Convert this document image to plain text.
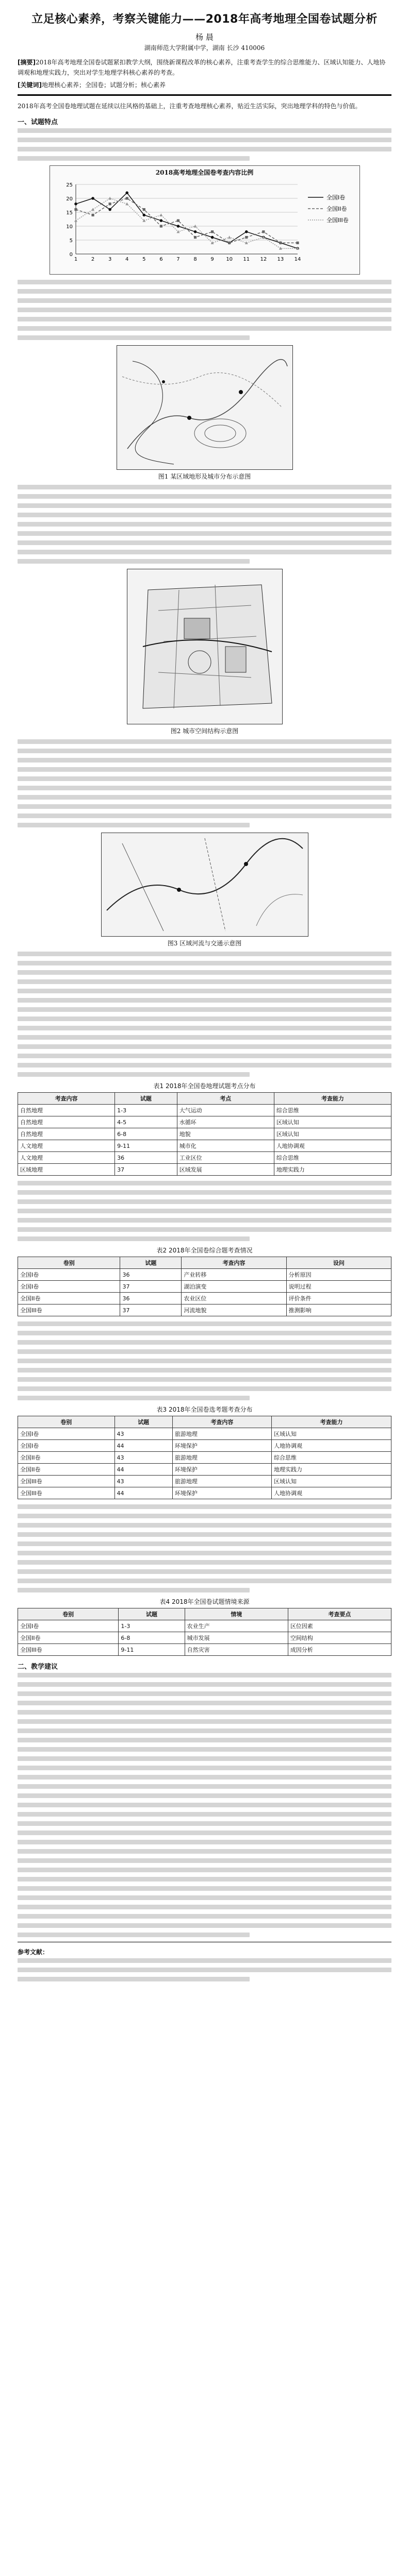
立足核心素养，考察关键能力——2018年高考地理全国卷试题分析
杨 晨
湖南师范大学附属中学，湖南 长沙 410006

[摘要]2018年高考地理全国卷试题紧扣教学大纲，围绕新课程改革的核心素养，注重考查学生的综合思维能力、区域认知能力、人地协调观和地理实践力，突出对学生地理学科核心素养的考查。

[关键词]地理核心素养；全国卷；试题分析；核心素养

2018年高考全国卷地理试题在延续以往风格的基础上，注重考查地理核心素养，贴近生活实际，突出地理学科的特色与价值。

一、试题特点
2018高考地理全国卷考查内容比例
0
5
10
15
20
25
1	2	3	4	5	6	7	8	9 10 11 12 13 14
全国I卷
全国II卷
全国III卷
图1 某区域地形及城市分布示意图
图2 城市空间结构示意图
图3 区域河流与交通示意图
表1 2018年全国卷地理试题考点分布
考查内容	试题	考点	考查能力
自然地理	1-3	大气运动	综合思维
自然地理	4-5	水循环	区域认知
自然地理	6-8	地貌	区域认知
人文地理	9-11	城市化	人地协调观
人文地理	36	工业区位	综合思维
区域地理	37	区域发展	地理实践力
表2 2018年全国卷综合题考查情况
卷别	试题	考查内容	设问
全国I卷	36	产业转移	分析原因
全国I卷	37	湖泊演变	说明过程
全国II卷	36	农业区位	评价条件
全国III卷	37	河流地貌	推测影响
表3 2018年全国卷选考题考查分布
卷别	试题	考查内容	考查能力
全国I卷	43	旅游地理	区域认知
全国I卷	44	环境保护	人地协调观
全国II卷	43	旅游地理	综合思维
全国II卷	44	环境保护	地理实践力
全国III卷	43	旅游地理	区域认知
全国III卷	44	环境保护	人地协调观
表4 2018年全国卷试题情境来源
卷别	试题	情境	考查要点
全国I卷	1-3	农业生产	区位因素
全国II卷	6-8	城市发展	空间结构
全国III卷	9-11	自然灾害	成因分析
二、教学建议
参考文献：
